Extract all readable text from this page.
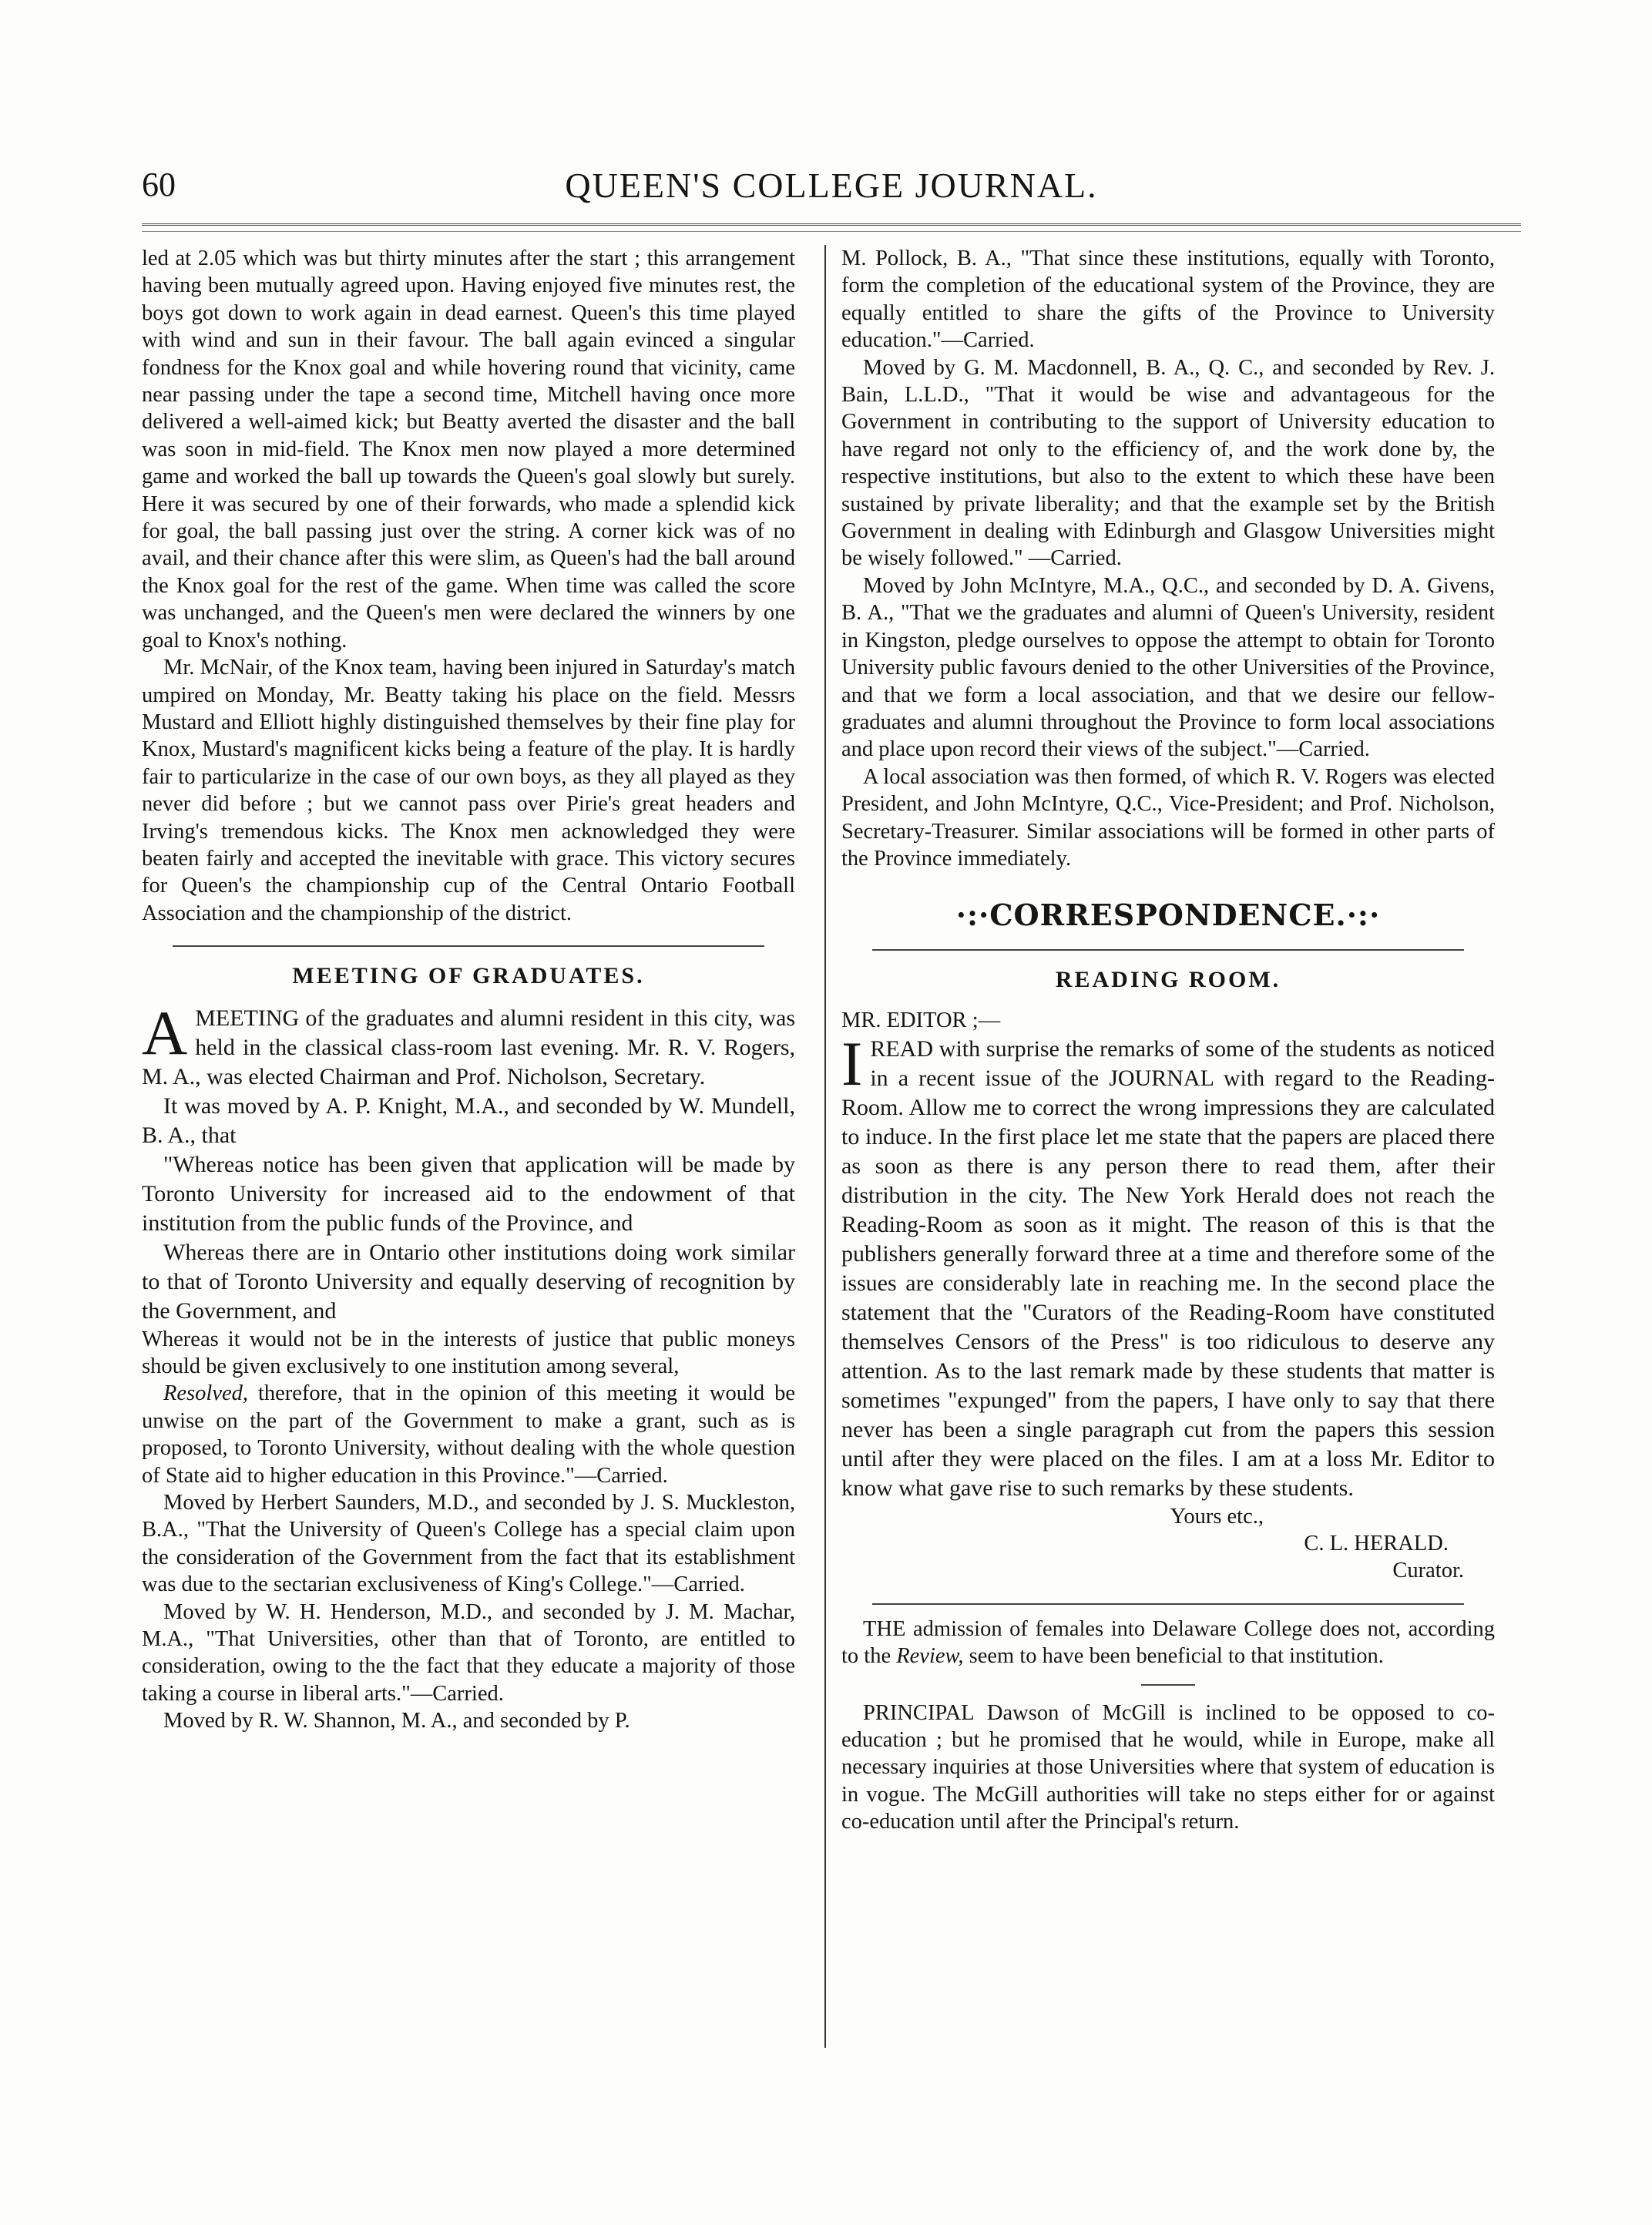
QUEEN'S COLLEGE JOURNAL.
60

led at 2.05 which was but thirty minutes after the start ; this arrangement having been mutually agreed upon. Having enjoyed five minutes rest, the boys got down to work again in dead earnest. Queen's this time played with wind and sun in their favour. The ball again evinced a singular fondness for the Knox goal and while hovering round that vicinity, came near passing under the tape a second time, Mitchell having once more delivered a well-aimed kick; but Beatty averted the disaster and the ball was soon in mid-field. The Knox men now played a more determined game and worked the ball up towards the Queen's goal slowly but surely. Here it was secured by one of their forwards, who made a splendid kick for goal, the ball passing just over the string. A corner kick was of no avail, and their chance after this were slim, as Queen's had the ball around the Knox goal for the rest of the game. When time was called the score was unchanged, and the Queen's men were declared the winners by one goal to Knox's nothing.

Mr. McNair, of the Knox team, having been injured in Saturday's match umpired on Monday, Mr. Beatty taking his place on the field. Messrs Mustard and Elliott highly distinguished themselves by their fine play for Knox, Mustard's magnificent kicks being a feature of the play. It is hardly fair to particularize in the case of our own boys, as they all played as they never did before ; but we cannot pass over Pirie's great headers and Irving's tremendous kicks. The Knox men acknowledged they were beaten fairly and accepted the inevitable with grace. This victory secures for Queen's the championship cup of the Central Ontario Football Association and the championship of the district.

MEETING OF GRADUATES.

AMEETING of the graduates and alumni resident in this city, was held in the classical class-room last evening. Mr. R. V. Rogers, M. A., was elected Chairman and Prof. Nicholson, Secretary.

It was moved by A. P. Knight, M.A., and seconded by W. Mundell, B. A., that

"Whereas notice has been given that application will be made by Toronto University for increased aid to the endowment of that institution from the public funds of the Province, and

Whereas there are in Ontario other institutions doing work similar to that of Toronto University and equally deserving of recognition by the Government, and

Whereas it would not be in the interests of justice that public moneys should be given exclusively to one institution among several,

Resolved, therefore, that in the opinion of this meeting it would be unwise on the part of the Government to make a grant, such as is proposed, to Toronto University, without dealing with the whole question of State aid to higher education in this Province."—Carried.

Moved by Herbert Saunders, M.D., and seconded by J. S. Muckleston, B.A., "That the University of Queen's College has a special claim upon the consideration of the Government from the fact that its establishment was due to the sectarian exclusiveness of King's College."—Carried.

Moved by W. H. Henderson, M.D., and seconded by J. M. Machar, M.A., "That Universities, other than that of Toronto, are entitled to consideration, owing to the the fact that they educate a majority of those taking a course in liberal arts."—Carried.

Moved by R. W. Shannon, M. A., and seconded by P.

M. Pollock, B. A., "That since these institutions, equally with Toronto, form the completion of the educational system of the Province, they are equally entitled to share the gifts of the Province to University education."—Carried.

Moved by G. M. Macdonnell, B. A., Q. C., and seconded by Rev. J. Bain, L.L.D., "That it would be wise and advantageous for the Government in contributing to the support of University education to have regard not only to the efficiency of, and the work done by, the respective institutions, but also to the extent to which these have been sustained by private liberality; and that the example set by the British Government in dealing with Edinburgh and Glasgow Universities might be wisely followed." —Carried.

Moved by John McIntyre, M.A., Q.C., and seconded by D. A. Givens, B. A., "That we the graduates and alumni of Queen's University, resident in Kingston, pledge ourselves to oppose the attempt to obtain for Toronto University public favours denied to the other Universities of the Province, and that we form a local association, and that we desire our fellow-graduates and alumni throughout the Province to form local associations and place upon record their views of the subject."—Carried.

A local association was then formed, of which R. V. Rogers was elected President, and John McIntyre, Q.C., Vice-President; and Prof. Nicholson, Secretary-Treasurer. Similar associations will be formed in other parts of the Province immediately.

·:·CORRESPONDENCE.·:·
READING ROOM.

MR. EDITOR ;—

IREAD with surprise the remarks of some of the students as noticed in a recent issue of the JOURNAL with regard to the Reading-Room. Allow me to correct the wrong impressions they are calculated to induce. In the first place let me state that the papers are placed there as soon as there is any person there to read them, after their distribution in the city. The New York Herald does not reach the Reading-Room as soon as it might. The reason of this is that the publishers generally forward three at a time and therefore some of the issues are considerably late in reaching me. In the second place the statement that the "Curators of the Reading-Room have constituted themselves Censors of the Press" is too ridiculous to deserve any attention. As to the last remark made by these students that matter is sometimes "expunged" from the papers, I have only to say that there never has been a single paragraph cut from the papers this session until after they were placed on the files. I am at a loss Mr. Editor to know what gave rise to such remarks by these students.

Yours etc.,
C. L. HERALD.
Curator.

THE admission of females into Delaware College does not, according to the Review, seem to have been beneficial to that institution.

PRINCIPAL Dawson of McGill is inclined to be opposed to co-education ; but he promised that he would, while in Europe, make all necessary inquiries at those Universities where that system of education is in vogue. The McGill authorities will take no steps either for or against co-education until after the Principal's return.
